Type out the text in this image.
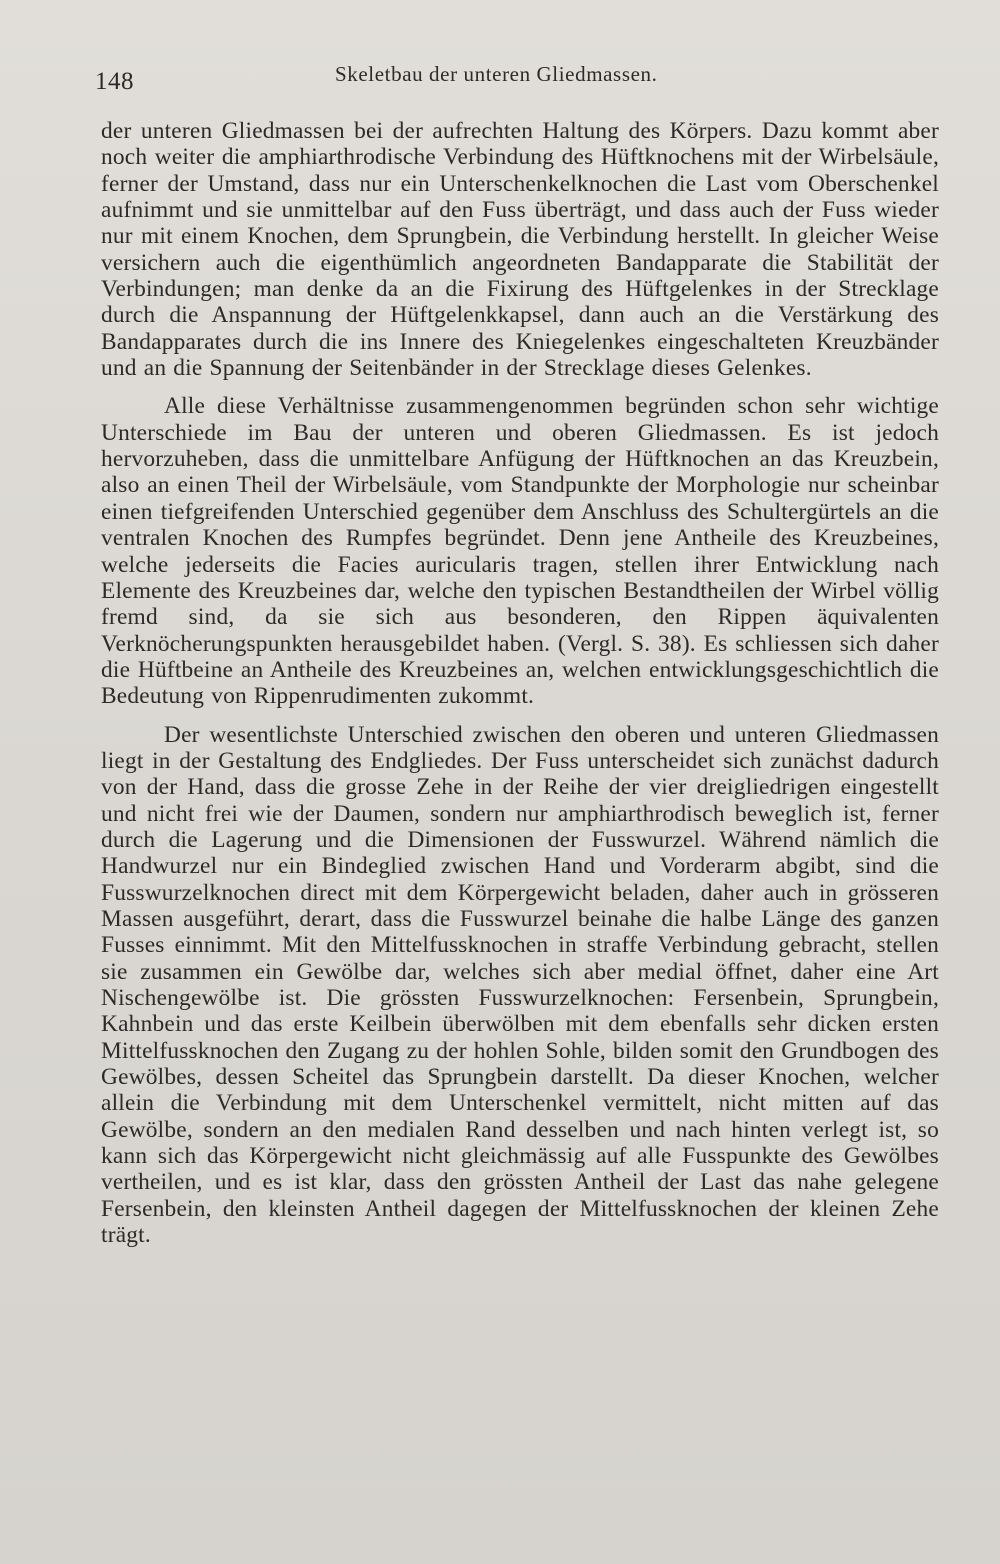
148	Skeletbau der unteren Gliedmassen.

der unteren Gliedmassen bei der aufrechten Haltung des Körpers. Dazu kommt aber noch weiter die amphiarthrodische Verbindung des Hüftknochens mit der Wirbelsäule, ferner der Umstand, dass nur ein Unterschenkelknochen die Last vom Oberschenkel aufnimmt und sie unmittelbar auf den Fuss überträgt, und dass auch der Fuss wieder nur mit einem Knochen, dem Sprungbein, die Verbindung herstellt. In gleicher Weise versichern auch die eigenthümlich angeordneten Bandapparate die Stabilität der Verbindungen; man denke da an die Fixirung des Hüftgelenkes in der Strecklage durch die Anspannung der Hüftgelenkkapsel, dann auch an die Verstärkung des Bandapparates durch die ins Innere des Kniegelenkes eingeschalteten Kreuzbänder und an die Spannung der Seitenbänder in der Strecklage dieses Gelenkes.

Alle diese Verhältnisse zusammengenommen begründen schon sehr wichtige Unterschiede im Bau der unteren und oberen Gliedmassen. Es ist jedoch hervorzuheben, dass die unmittelbare Anfügung der Hüftknochen an das Kreuzbein, also an einen Theil der Wirbelsäule, vom Standpunkte der Morphologie nur scheinbar einen tiefgreifenden Unterschied gegenüber dem Anschluss des Schultergürtels an die ventralen Knochen des Rumpfes begründet. Denn jene Antheile des Kreuzbeines, welche jederseits die Facies auricularis tragen, stellen ihrer Entwicklung nach Elemente des Kreuzbeines dar, welche den typischen Bestandtheilen der Wirbel völlig fremd sind, da sie sich aus besonderen, den Rippen äquivalenten Verknöcherungspunkten herausgebildet haben. (Vergl. S. 38). Es schliessen sich daher die Hüftbeine an Antheile des Kreuzbeines an, welchen entwicklungsgeschichtlich die Bedeutung von Rippenrudimenten zukommt.

Der wesentlichste Unterschied zwischen den oberen und unteren Gliedmassen liegt in der Gestaltung des Endgliedes. Der Fuss unterscheidet sich zunächst dadurch von der Hand, dass die grosse Zehe in der Reihe der vier dreigliedrigen eingestellt und nicht frei wie der Daumen, sondern nur amphiarthrodisch beweglich ist, ferner durch die Lagerung und die Dimensionen der Fusswurzel. Während nämlich die Handwurzel nur ein Bindeglied zwischen Hand und Vorderarm abgibt, sind die Fusswurzelknochen direct mit dem Körpergewicht beladen, daher auch in grösseren Massen ausgeführt, derart, dass die Fusswurzel beinahe die halbe Länge des ganzen Fusses einnimmt. Mit den Mittelfussknochen in straffe Verbindung gebracht, stellen sie zusammen ein Gewölbe dar, welches sich aber medial öffnet, daher eine Art Nischengewölbe ist. Die grössten Fusswurzelknochen: Fersenbein, Sprungbein, Kahnbein und das erste Keilbein überwölben mit dem ebenfalls sehr dicken ersten Mittelfussknochen den Zugang zu der hohlen Sohle, bilden somit den Grundbogen des Gewölbes, dessen Scheitel das Sprungbein darstellt. Da dieser Knochen, welcher allein die Verbindung mit dem Unterschenkel vermittelt, nicht mitten auf das Gewölbe, sondern an den medialen Rand desselben und nach hinten verlegt ist, so kann sich das Körpergewicht nicht gleichmässig auf alle Fusspunkte des Gewölbes vertheilen, und es ist klar, dass den grössten Antheil der Last das nahe gelegene Fersenbein, den kleinsten Antheil dagegen der Mittelfussknochen der kleinen Zehe trägt.
